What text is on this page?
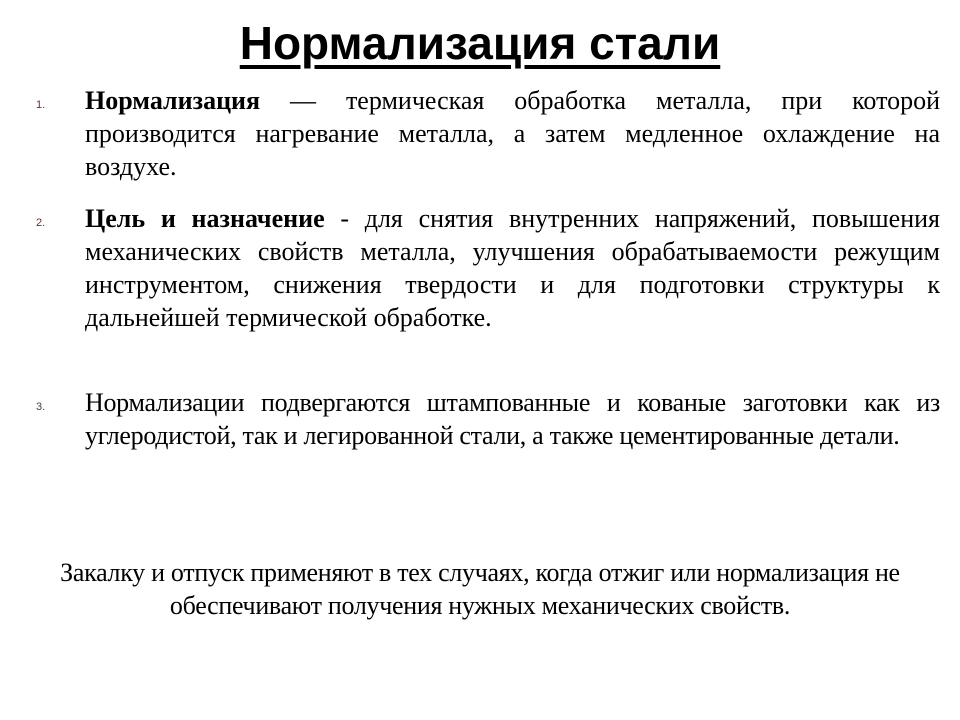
Нормализация стали
1. Нормализация — термическая обработка металла, при которой производится нагревание металла, а затем медленное охлаждение на воздухе.
2. Цель и назначение - для снятия внутренних напряжений, повышения механических свойств металла, улучшения обрабатываемости режущим инструментом, снижения твердости и для подготовки структуры к дальнейшей термической обработке.
3. Нормализации подвергаются штампованные и кованые заготовки как из углеродистой, так и легированной стали, а также цементированные детали.
Закалку и отпуск применяют в тех случаях, когда отжиг или нормализация не обеспечивают получения нужных механических свойств.
